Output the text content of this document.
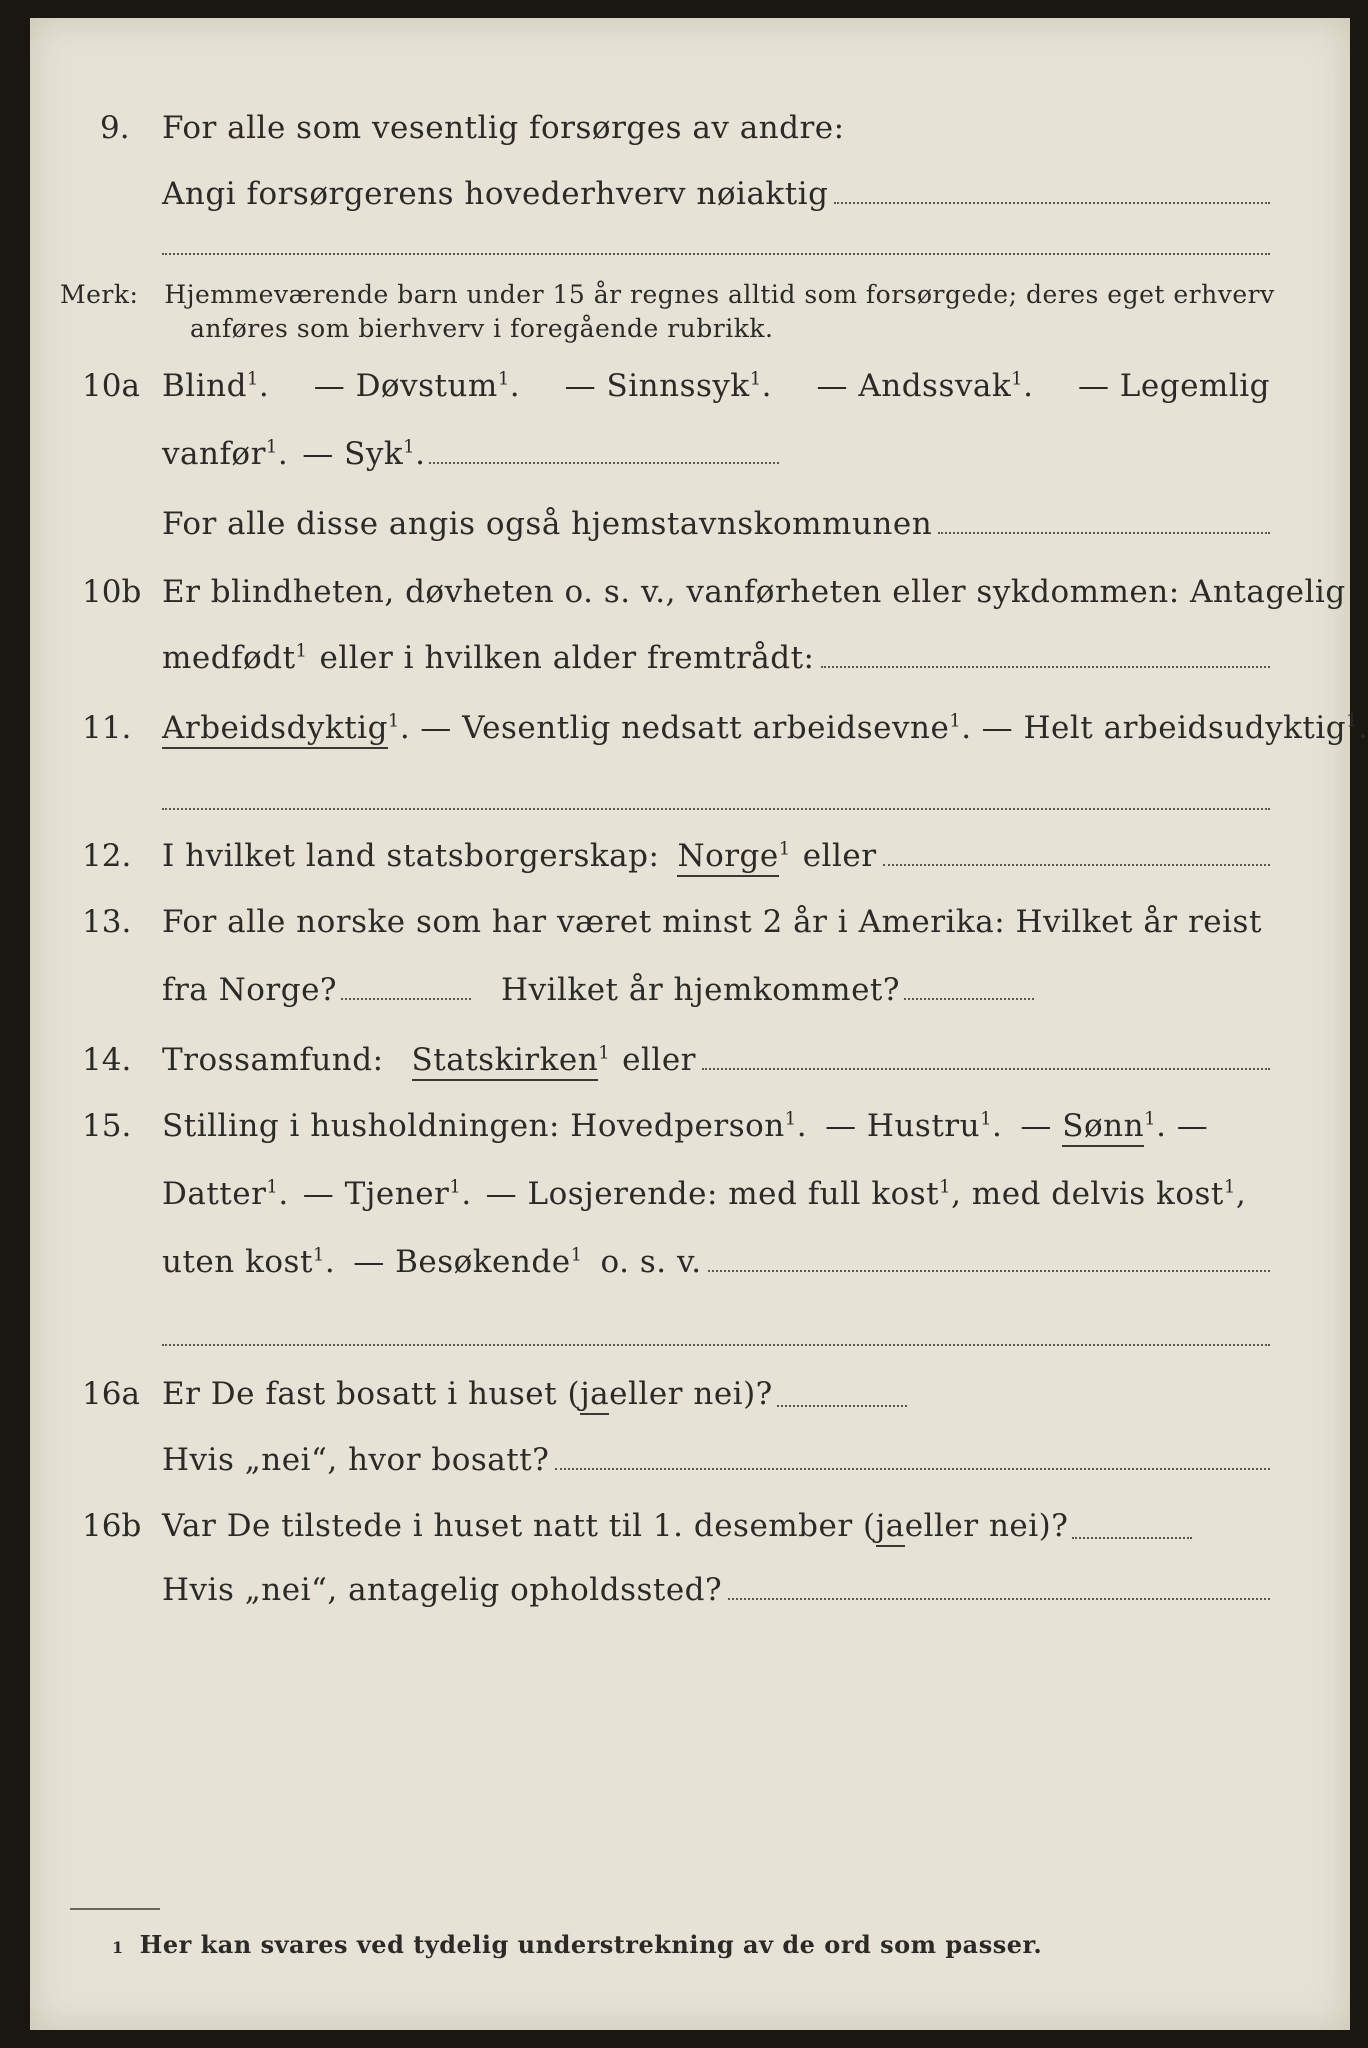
9. For alle som vesentlig forsørges av andre:
Angi forsørgerens hovederhverv nøiaktig
Merk: Hjemmeværende barn under 15 år regnes alltid som forsørgede; deres eget erhverv
anføres som bierhverv i foregående rubrikk.
10a Blind$^1$. — Døvstum$^1$. — Sinnssyk$^1$. — Andssvak$^1$. — Legemlig
vanfør$^1$. — Syk$^1$.
For alle disse angis også hjemstavnskommunen
10b Er blindheten, døvheten o. s. v., vanførheten eller sykdommen: Antagelig
medfødt$^1$ eller i hvilken alder fremtrådt:
11. Arbeidsdyktig$^1$. — Vesentlig nedsatt arbeidsevne$^1$. — Helt arbeidsudyktig$^1$.
12. I hvilket land statsborgerskap: Norge$^1$ eller
13. For alle norske som har været minst 2 år i Amerika: Hvilket år reist
fra Norge?	Hvilket år hjemkommet?
14. Trossamfund: Statskirken$^1$ eller
15. Stilling i husholdningen: Hovedperson$^1$. — Hustru$^1$. — Sønn$^1$. —
Datter$^1$. — Tjener$^1$. — Losjerende: med full kost$^1$ , med delvis kost$^1$,
uten kost$^1$. — Besøkende$^1$ o. s. v.
16a Er De fast bosatt i huset ( ja eller nei)?
Hvis „nei“, hvor bosatt?
16b Var De tilstede i huset natt til 1. desember ( ja eller nei)?
Hvis „nei“, antagelig opholdssted?
1 Her kan svares ved tydelig understrekning av de ord som passer.
